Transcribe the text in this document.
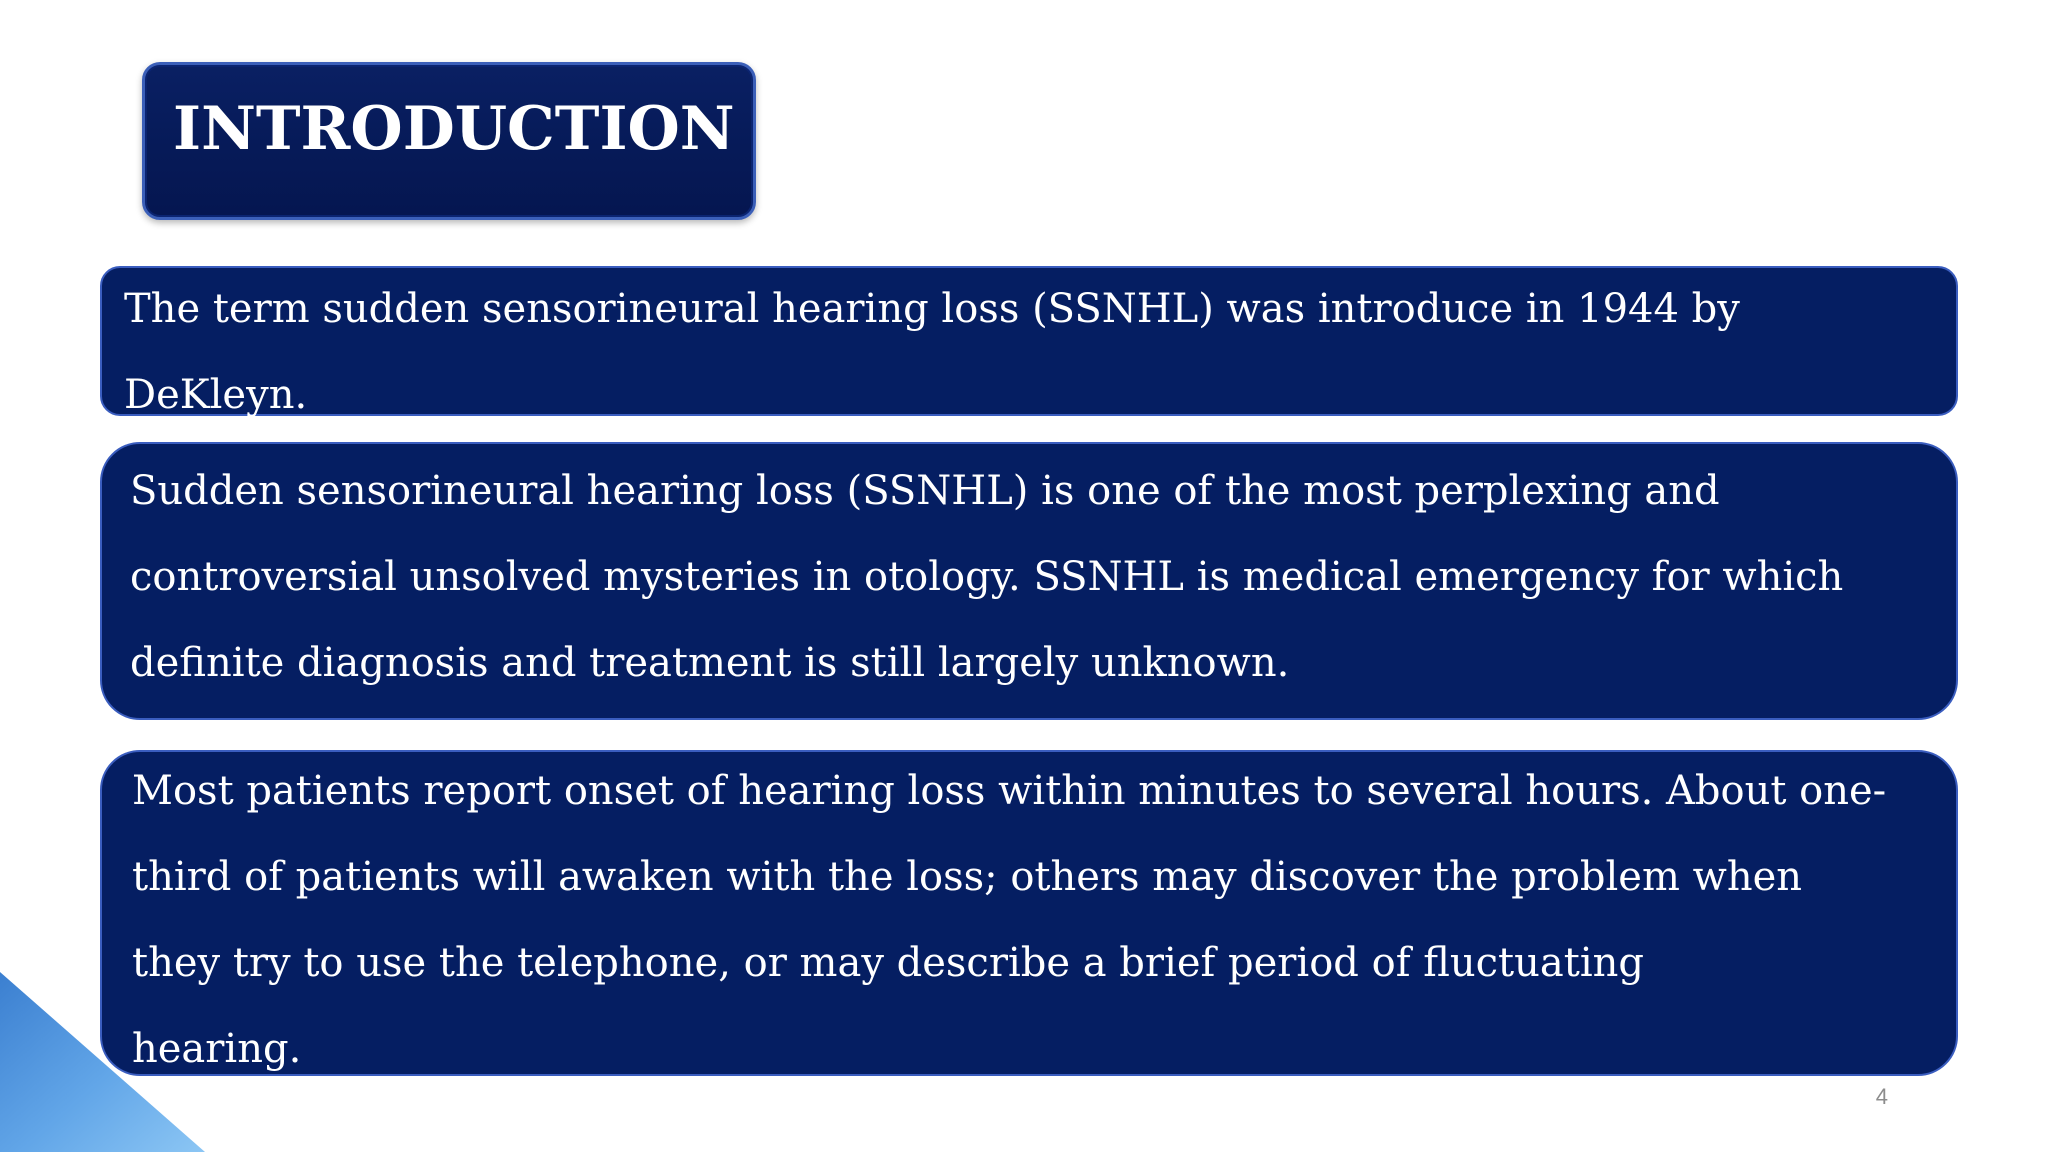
INTRODUCTION

The term sudden sensorineural hearing loss (SSNHL) was introduce in 1944 by
DeKleyn.

Sudden sensorineural hearing loss (SSNHL) is one of the most perplexing and
controversial unsolved mysteries in otology. SSNHL is medical emergency for which
definite diagnosis and treatment is still largely unknown.

Most patients report onset of hearing loss within minutes to several hours. About one-
third of patients will awaken with the loss; others may discover the problem when
they try to use the telephone, or may describe a brief period of fluctuating
hearing.

4
